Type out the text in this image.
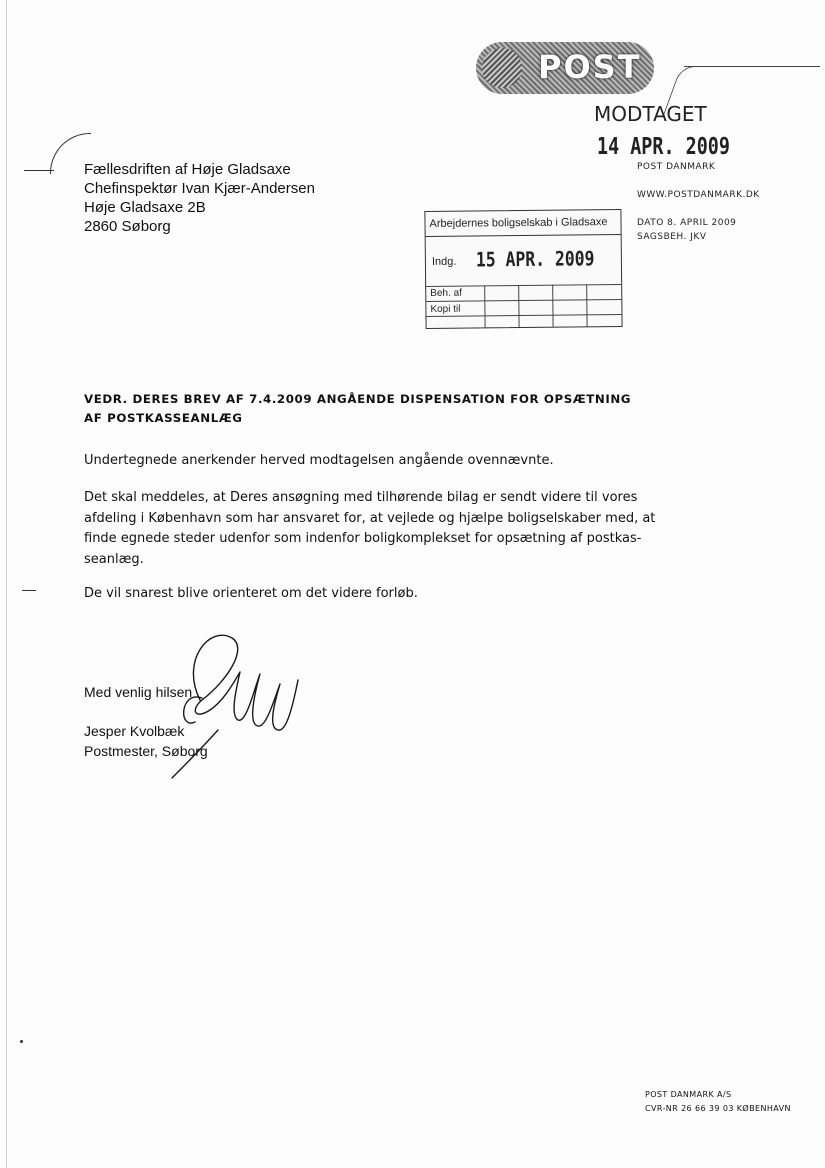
POST
MODTAGET
14 APR. 2009
POST DANMARK
WWW.POSTDANMARK.DK
DATO 8. APRIL 2009
SAGSBEH. JKV
Fællesdriften af Høje Gladsaxe
Chefinspektør Ivan Kjær-Andersen
Høje Gladsaxe 2B
2860 Søborg	Arbejdernes boligselskab i Gladsaxe
Indg. 15 APR. 2009
Beh. af
Kopi til
VEDR. DERES BREV AF 7.4.2009 ANGÅENDE DISPENSATION FOR OPSÆTNING
AF POSTKASSEANLÆG
Undertegnede anerkender herved modtagelsen angående ovennævnte.
Det skal meddeles, at Deres ansøgning med tilhørende bilag er sendt videre til vores
afdeling i København som har ansvaret for, at vejlede og hjælpe boligselskaber med, at
finde egnede steder udenfor som indenfor boligkomplekset for opsætning af postkas-
seanlæg.
De vil snarest blive orienteret om det videre forløb.
Med venlig hilsen
Jesper Kvolbæk
Postmester, Søborg
POST DANMARK A/S
CVR-NR 26 66 39 03 KØBENHAVN
